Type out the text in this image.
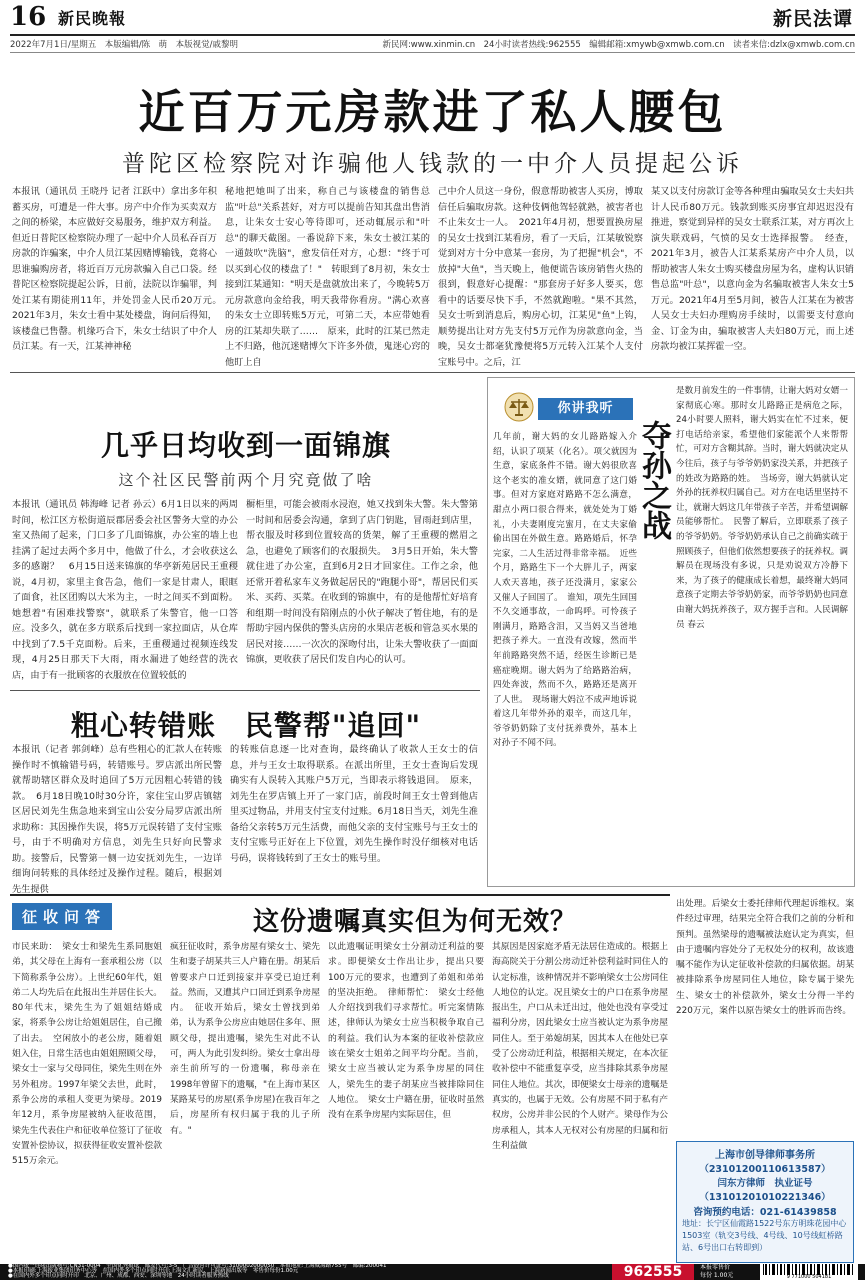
16 新民晚報	新民法谭
2022年7月1日/星期五　本版编辑/陈　萌　本版视觉/戚黎明	新民网:www.xinmin.cn　24小时读者热线:962555　编辑邮箱:xmywb@xmwb.com.cn　读者来信:dzlx@xmwb.com.cn
近百万元房款进了私人腰包
普陀区检察院对诈骗他人钱款的一中介人员提起公诉
本报讯（通讯员 王晓丹 记者 江跃中）拿出多年积蓄买房，可遭是一件大事。房产中介作为买卖双方之间的桥梁，本应做好交易服务，维护双方利益。但近日普陀区检察院办理了一起中介人员私吞百万房款的诈骗案，中介人员江某因赌博输钱，竟将心思谁骗购房者，将近百万元房款骗入自己口袋。经普陀区检察院提起公诉，日前，法院以诈骗罪，判处江某有期徒刑11年，并处罚金人民币20万元。　2021年3月，朱女士看中某处楼盘，询问后得知，该楼盘已售罄。机缘巧合下，朱女士结识了中介人员江某。有一天，江某神神秘
秘地把她叫了出来，称自己与该楼盘的销售总监"叶总"关系甚好，对方可以提前告知其盘出售消息，让朱女士安心等待即可，还动辄展示和"叶总"的聊天截图。一番说辞下来，朱女士被江某的一通鼓吹"洗脑"，愈发信任对方，心想："终于可以买到心仪的楼盘了！"　转眼到了8月初，朱女士接到江某通知："明天是盘就放出来了，今晚转5万元房款意向金给我，明天我带你看房。"满心欢喜的朱女士立即转账5万元，可第二天，本应带她看房的江某却失联了……　原来，此时的江某已然走上不归路，他沉迷赌博欠下许多外债，鬼迷心窍的他盯上自
己中介人员这一身份，假意帮助被害人买房，博取信任后骗取房款。这种伎俩他驾轻就熟，被害者也不止朱女士一人。　2021年4月初，想要置换房屋的吴女士找到江某看房，看了一天后，江某敏锐察觉到对方十分中意某一套房，为了把握"机会"，不放掉"大鱼"，当天晚上，他便谎告该房销售火热的很到，假意好心提醒："那套房子好多人要买，您看中的话要尽快下手，不然就跑啦。"果不其然，吴女士听到消息后，购房心切，江某见"鱼"上钩，顺势提出让对方先支付5万元作为房款意向金，当晚，吴女士都毫犹豫便将5万元转入江某个人支付宝账号中。之后，江
某又以支付房款订金等各种理由骗取吴女士夫妇共计人民币80万元。钱款到账买房事宜却迟迟没有推进，察觉到异样的吴女士联系江某，对方再次上演失联戏码，气愤的吴女士选择报警。　经查，2021年3月，被告人江某系某房产中介人员，以帮助被害人朱女士购买楼盘房屋为名，虚构认识销售总监"叶总"，以意向金为名骗取被害人朱女士5万元。2021年4月至5月间，被告人江某在为被害人吴女士夫妇办理购房手续时，以需要支付意向金、订金为由，骗取被害人夫妇80万元，而上述房款均被江某挥霍一空。
几乎日均收到一面锦旗
这个社区民警前两个月究竟做了啥
本报讯（通讯员 韩海峰 记者 孙云）6月1日以来的两周时间，松江区方松街道辰郡居委会社区警务大堂的办公室又热闹了起来，门口多了几面锦旗，办公室的墙上也挂满了起过去两个多月中，他做了什么，才会收获这么多的感谢？　6月15日送来锦旗的华亭新苑居民王重稷说，4月初，家里主食告急，他们一家是甘肃人，眼眶了面食，社区团购以大米为主，一时之间买不到面粉。她想着"有困难找警察"，就联系了朱警官，他一口答应。没多久，就在多方联系后找到一家拉面店，从仓库中找到了7.5千克面粉。后来，王重稷通过视频连线发现，4月25日那天下大雨，雨水漏进了她经营的洗衣店，由于有一批顾客的衣服放在位置较低的
橱柜里，可能会被雨水浸泡，她又找到朱大警。朱大警第一时间和居委会沟通，拿到了店门钥匙，冒雨赶到店里，帮衣服及时移到位置较高的货架，解了王重稷的燃眉之急，也避免了顾客们的衣服损失。　3月5日开始，朱大警就住进了办公室，直到6月2日才回家住。工作之余，他还常开着私家车义务做起居民的"跑腿小哥"，帮居民们买米、买药、买菜。在收到的锦旗中，有的是他帮忙好培育和组期一时间没有陪刚点的小伙子解决了暂住地，有的是帮助宇园内保供的警头店房的水果店老板和管急买水果的居民对接……一次次的深吻付出，让朱大警收获了一面面锦旗，更收获了居民们发自内心的认可。
粗心转错账　民警帮"追回"
本报讯（记者 郭剑峰）总有些粗心的汇款人在转账操作时不慎输错号码，转错账号。罗店派出所民警就帮助辖区群众及时追回了5万元因粗心转错的钱款。　6月18日晚10时30分许，家住宝山罗店镇辖区居民刘先生焦急地来到宝山公安分局罗店派出所求助称：其因操作失误，将5万元误转错了支付宝账号，由于不明确对方信息，刘先生只好向民警求助。接警后，民警第一侧一边安抚刘先生，一边详细询问转账的具体经过及操作过程。随后，根据刘先生提供
的转账信息逐一比对查询，最终确认了收款人王女士的信息，并与王女士取得联系。在派出所里，王女士查询后发现确实有人误转入其账户5万元，当即表示将钱退回。　原来，刘先生在罗店镇上开了一家门店，前段时间王女士曾到他店里买过物品，并用支付宝支付过账。6月18日当天，刘先生准备给父亲转5万元生活费，而他父亲的支付宝账号与王女士的支付宝账号正好在上下位置，刘先生操作时没仔细核对电话号码，误将钱转到了王女士的账号里。
你讲我听
夺孙之战
几年前，谢大妈的女儿路路嫁入介绍，认识了项某（化名）。项父就因为生意，家底条件不错。谢大妈很欣喜这个老实的准女婿，就同意了这门婚事。但对方家庭对路路不怎么满意，甜点小两口很合得来，就处处为丁婚礼，小夫妻刚度完蜜月，在丈夫家偷偷出国在外做生意。路路婚后，怀孕完家，二人生活过得非常幸福。　近些个月，路路生下一个大胖儿子，两家人欢天喜地，孩子还没满月，家家公又催人子回国了。　谁知，项先生回国不久交通事故，一命呜呼。可怜孩子刚满月，路路含泪，又当妈又当爸地把孩子养大。一直没有改嫁，然而半年前路路突然不适，经医生诊断已是癌症晚期。谢大妈为了给路路治病，四处奔波，然而不久，路路还是离开了人世。　现场谢大妈泣不成声地诉说着这几年带外孙的艰辛，而这几年，爷爷奶奶除了支付抚养费外，基本上对孙子不闻不问。
是数月前发生的一件事情，让谢大妈对女婿一家彻底心寒。那时女儿路路正是病危之际，24小时要人照料，谢大妈实在忙不过来，便打电话给亲家，希望他们家能派个人来帮帮忙，可对方含糊其辞。当时，谢大妈就决定从今往后，孩子与爷爷奶奶家没关系，并把孩子的姓改为路路的姓。　当场旁，谢大妈就认定外孙的抚养权归属自己。对方在电话里坚持不让，就谢大妈这几年带孩子辛苦，并希望调解员能够帮忙。　民警了解后，立即联系了孩子的爷爷奶奶。爷爷奶奶承认自己之前确实疏于照顾孩子，但他们依然想要孩子的抚养权。调解员在现场没有多说，只是劝说双方冷静下来，为了孩子的健康成长着想，最终谢大妈同意孩子定期去爷爷奶奶家，而爷爷奶奶也同意由谢大妈抚养孩子，双方握手言和。人民调解员 春云
征收问答	这份遗嘱真实但为何无效？
市民来助：　梁女士和梁先生系同胞姐弟，其父母在上海有一套承租公房（以下简称系争公房）。上世纪60年代，姐弟二人均先后在此报出生并居住长大。80年代末，梁先生为了姐姐结婚成家，将系争公房让给姐姐居住，自己搬了出去。　空闲放小的老公房，随着姐姐入住，日常生活也由姐姐照顾父母，梁女士一家与父母同住，梁先生则在外另外租房。1997年梁父去世，此时，系争公房的承租人变更为梁母。2019年12月，系争房屋被纳入征收范围，梁先生代表住户和征收单位签订了征收安置补偿协议，拟获得征收安置补偿款515万余元。
疯狂征收时，系争房屋有梁女士、梁先生和妻子胡某共三人户籍在册。胡某后曾要求户口迁到接家并享受已迫迁利益。然而，又遭其户口回迁到系争房屋内。　征收开始后，梁女士曾找到弟弟，认为系争公房应由她居住多年、照顾父母，提出遗嘱，梁先生对此不认可，两人为此引发纠纷。梁女士拿出母亲生前所写的一份遗嘱，称母亲在1998年曾留下的遗嘱，"在上海市某区某路某号的房屋(系争房屋)在我百年之后，房屋所有权归属于我的儿子所有。"
以此遗嘱证明梁女士分割动迁利益的要求。即便梁女士作出让步，提出只要100万元的要求，也遭到了弟姐和弟弟的坚决拒绝。　律师帮忙：　梁女士经他人介绍找到我们寻求帮忙。听完案情陈述，律师认为梁女士应当积极争取自己的利益。我们认为本案的征收补偿款应该在梁女士姐弟之间平均分配。当前，梁女士应当被认定为系争房屋的同住人，梁先生的妻子胡某应当被排除同住人地位。　梁女士户籍在册，征收时虽然没有在系争房屋内实际居住，但
其原因是因家庭矛盾无法居住造成的。根据上海高院关于分割公房动迁补偿利益时同住人的认定标准，该种情况并不影响梁女士公房同住人地位的认定。况且梁女士的户口在系争房屋报出生，户口从未迁出过，他处也没有享受过福利分房，因此梁女士应当被认定为系争房屋同住人。至于弟媳胡某，因其本人在他处已享受了公房动迁利益，根据相关规定，在本次征收补偿中不能重复享受，应当排除其系争房屋同住人地位。其次，即便梁女士母亲的遗嘱是真实的，也属于无效。公有房屋不同于私有产权房，公房并非公民的个人财产。梁母作为公房承租人，其本人无权对公有房屋的归属和衍生利益做
出处理。后梁女士委托律师代理起诉维权。案件经过审理，结果完全符合我们之前的分析和预判。虽然梁母的遗嘱被法庭认定为真实，但由于遗嘱内容处分了无权处分的权利，故该遗嘱不能作为认定征收补偿款的归属依据。胡某被排除系争房屋同住人地位，除专属于梁先生、梁女士的补偿款外，梁女士分得一半约220万元，案件以原告梁女士的胜诉而告终。
上海市创导律师事务所
（23101200110613587）
闫东方律师　执业证号
（13101201010221346）
咨询预约电话：021-61439858
地址：长宁区仙霞路1522号东方明珠花园中心1503室（轨交3号线、4号线、10号线虹桥路站、6号出口右转即到）
●国内统一连续出版物号:CN31-0004　全国优秀报纸　邮发代号:3-5　广告经营许可证号:3100002000050　本报地址:上海威海路755号　邮编:200041
●本报印刷:上海报业集团印务中心等　在国内外多个印点同时开印:上海文汇新民、上海新闻出版等　零售价每份1.00元
●在国内外多个印点同时开印　北京、广州、成都、西安、深圳等地　24小时读者服务热线	962555	本报零售价
每份 1.00元	9 771000 504181
